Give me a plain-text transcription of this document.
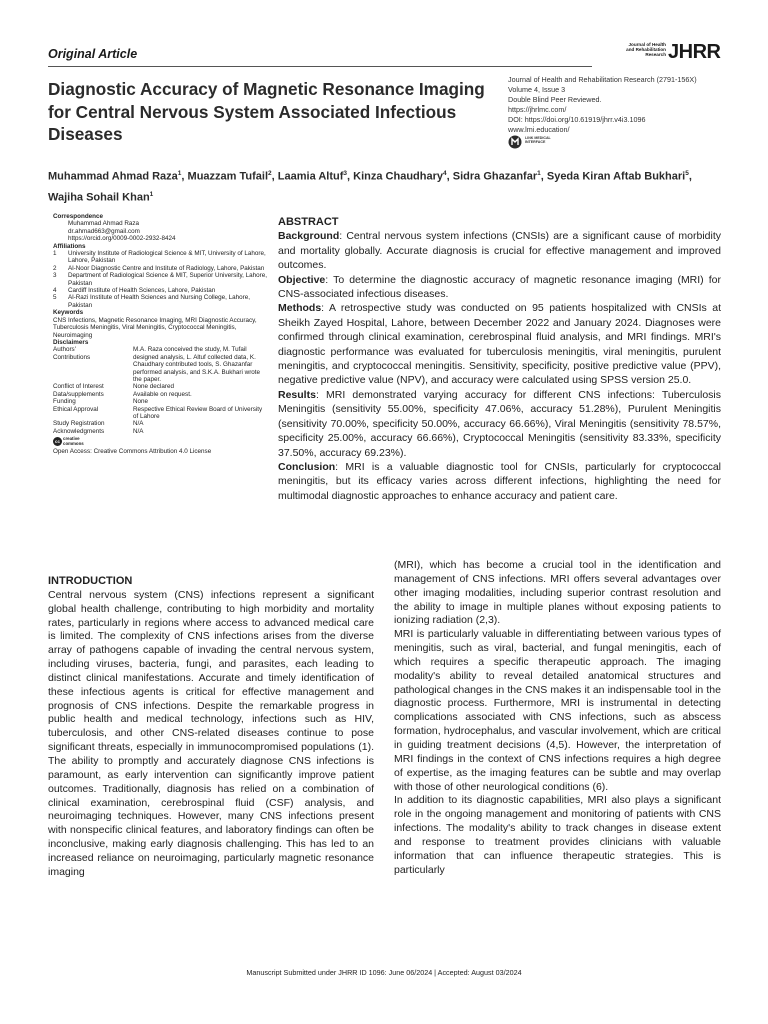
Original Article
Journal of Health and Rehabilitation Research JHRR
Diagnostic Accuracy of Magnetic Resonance Imaging for Central Nervous System Associated Infectious Diseases
Journal of Health and Rehabilitation Research (2791-156X)
Volume 4, Issue 3
Double Blind Peer Reviewed.
https://jhrlmc.com/
DOI: https://doi.org/10.61919/jhrr.v4i3.1096
www.lmi.education/
LINK MEDICAL INTERFACE
Muhammad Ahmad Raza$^1$, Muazzam Tufail$^2$, Laamia Altuf$^3$, Kinza Chaudhary$^4$, Sidra Ghazanfar$^1$, Syeda Kiran Aftab Bukhari$^5$, Wajiha Sohail Khan$^1$
Correspondence
Muhammad Ahmad Raza
dr.ahmad663@gmail.com
https://orcid.org/0009-0002-2932-8424
Affiliations
1	University Institute of Radiological Science & MIT, University of Lahore, Lahore, Pakistan
2	Al-Noor Diagnostic Centre and Institute of Radiology, Lahore, Pakistan
3	Department of Radiological Science & MIT, Superior University, Lahore, Pakistan
4	Cardiff Institute of Health Sciences, Lahore, Pakistan
5	Al-Razi Institute of Health Sciences and Nursing College, Lahore, Pakistan
Keywords
CNS Infections, Magnetic Resonance Imaging, MRI Diagnostic Accuracy, Tuberculosis Meningitis, Viral Meningitis, Cryptococcal Meningitis, Neuroimaging
Disclaimers
Authors' Contributions
M.A. Raza conceived the study, M. Tufail designed analysis, L. Altuf collected data, K. Chaudhary contributed tools, S. Ghazanfar performed analysis, and S.K.A. Bukhari wrote the paper.
Conflict of Interest	None declared
Data/supplements	Available on request.
Funding	None
Ethical Approval	Respective Ethical Review Board of University of Lahore
Study Registration	N/A
Acknowledgments	N/A
cc
creative
commons
Open Access: Creative Commons Attribution 4.0 License
ABSTRACT

Background: Central nervous system infections (CNSIs) are a significant cause of morbidity and mortality globally. Accurate diagnosis is crucial for effective management and improved outcomes.

Objective: To determine the diagnostic accuracy of magnetic resonance imaging (MRI) for CNS-associated infectious diseases.

Methods: A retrospective study was conducted on 95 patients hospitalized with CNSIs at Sheikh Zayed Hospital, Lahore, between December 2022 and January 2024. Diagnoses were confirmed through clinical examination, cerebrospinal fluid analysis, and MRI findings. MRI's diagnostic performance was evaluated for tuberculosis meningitis, viral meningitis, purulent meningitis, and cryptococcal meningitis. Sensitivity, specificity, positive predictive value (PPV), negative predictive value (NPV), and accuracy were calculated using SPSS version 25.0.

Results: MRI demonstrated varying accuracy for different CNS infections: Tuberculosis Meningitis (sensitivity 55.00%, specificity 47.06%, accuracy 51.28%), Purulent Meningitis (sensitivity 70.00%, specificity 50.00%, accuracy 66.66%), Viral Meningitis (sensitivity 78.57%, specificity 25.00%, accuracy 66.66%), Cryptococcal Meningitis (sensitivity 83.33%, specificity 37.50%, accuracy 69.23%).

Conclusion: MRI is a valuable diagnostic tool for CNSIs, particularly for cryptococcal meningitis, but its efficacy varies across different infections, highlighting the need for multimodal diagnostic approaches to enhance accuracy and patient care.

INTRODUCTION

Central nervous system (CNS) infections represent a significant global health challenge, contributing to high morbidity and mortality rates, particularly in regions where access to advanced medical care is limited. The complexity of CNS infections arises from the diverse array of pathogens capable of invading the central nervous system, including viruses, bacteria, fungi, and parasites, each leading to distinct clinical manifestations. Accurate and timely identification of these infectious agents is critical for effective management and prognosis of CNS infections. Despite the remarkable progress in public health and medical technology, infections such as HIV, tuberculosis, and other CNS-related diseases continue to pose significant threats, especially in immunocompromised populations (1). The ability to promptly and accurately diagnose CNS infections is paramount, as early intervention can significantly improve patient outcomes. Traditionally, diagnosis has relied on a combination of clinical examination, cerebrospinal fluid (CSF) analysis, and neuroimaging techniques. However, many CNS infections present with nonspecific clinical features, and laboratory findings can often be inconclusive, making early diagnosis challenging. This has led to an increased reliance on neuroimaging, particularly magnetic resonance imaging

(MRI), which has become a crucial tool in the identification and management of CNS infections. MRI offers several advantages over other imaging modalities, including superior contrast resolution and the ability to image in multiple planes without exposing patients to ionizing radiation (2,3).

MRI is particularly valuable in differentiating between various types of meningitis, such as viral, bacterial, and fungal meningitis, each of which requires a specific therapeutic approach. The imaging modality's ability to reveal detailed anatomical structures and pathological changes in the CNS makes it an indispensable tool in the diagnostic process. Furthermore, MRI is instrumental in detecting complications associated with CNS infections, such as abscess formation, hydrocephalus, and vascular involvement, which are critical in guiding treatment decisions (4,5). However, the interpretation of MRI findings in the context of CNS infections requires a high degree of expertise, as the imaging features can be subtle and may overlap with those of other neurological conditions (6).

In addition to its diagnostic capabilities, MRI also plays a significant role in the ongoing management and monitoring of patients with CNS infections. The modality's ability to track changes in disease extent and response to treatment provides clinicians with valuable information that can influence therapeutic strategies. This is particularly

Manuscript Submitted under JHRR ID 1096: June 06/2024 | Accepted: August 03/2024
